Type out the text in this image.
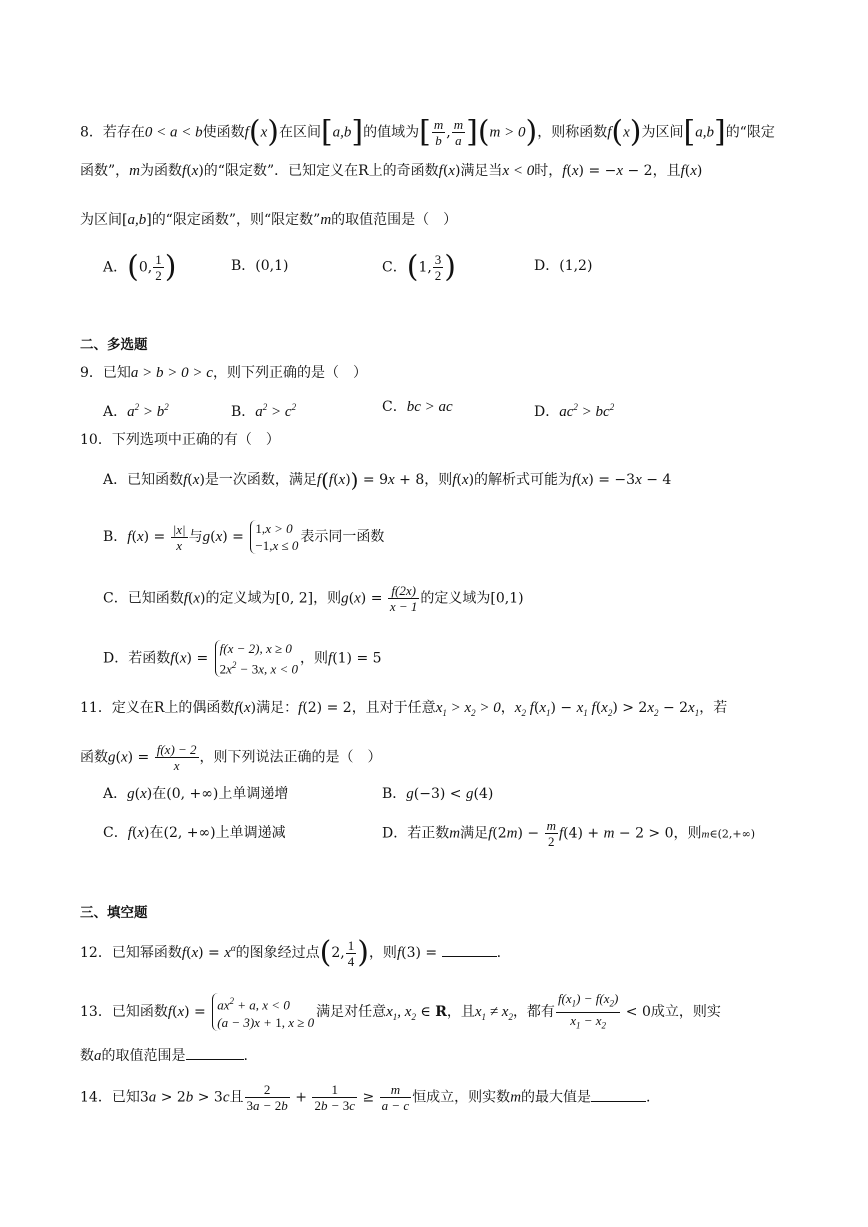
8．若存在0 < a < b使函数f(x)在区间[a,b]的值域为[ $\frac{m}{b}$ , $\frac{m}{a} ](m > 0)$，则称函数f(x)为区间[a,b]的“限定
函数”，m为函数f(x)的“限定数”．已知定义在R上的奇函数f(x)满足当x < 0时，f(x) = −x − 2，且f(x)
为区间[a,b]的“限定函数”，则“限定数”m的取值范围是（　）
A．(0, $\frac{1}{2}$ )	B．(0,1)	C．(1, $\frac{3}{2}$ )	D．(1,2)
二、多选题
9．已知a > b > 0 > c，则下列正确的是（　）
A．$a^2 > b^2$	B．$a^2 > c^2$	C．bc > ac	D．$ac^2 > bc^2$
10．下列选项中正确的有（　）
A．已知函数f(x)是一次函数，满足f(f(x)) = 9x + 8，则f(x)的解析式可能为f(x) = −3x − 4
B．$f(x) = \frac{|x|}{x}$ 与g(x) = 1,x > 0
−1,x ≤ 0表示同一函数
C．已知函数f(x)的定义域为[0, 2]，则$g(x) = \frac{f(2x)}{x - 1}$ 的定义域为[0,1)
D．若函数f(x) = f(x − 2), x ≥ 0
$2x^2 - 3x$, x < 0，则f(1) = 5
11．定义在R上的偶函数f(x)满足：f(2) = 2，且对于任意$x_1 > x_2 > 0$，$x_2$ $f(x_1) - x_1$ $f(x_2) > 2x_2 - 2x_1$，若
函数$g(x) = \frac{f(x) - 2}{x}$ ，则下列说法正确的是（　）
A．g(x)在(0, +∞)上单调递增	B．g(−3) < g(4)
C．f(x)在(2, +∞)上单调递减	D．若正数m满足$f(2m) - \frac{m}{2} f(4) + m - 2 > 0$，则m∈(2,+∞)
三、填空题
12．已知幂函数$f(x) = x^\alpha$的图象经过点(2, $\frac{1}{4}$ )，则f(3) =	.
13．已知函数$f(x) = ax^2 + a$, x < 0
(a − 3)x + 1, x ≥ 0满足对任意$x_1$, $x_2$ ∈ R，且$x_1 \ne x_2$，都有 $\frac{f(x_1) - f(x_2)}{x_1 - x_2} < 0$成立，则实
数a的取值范围是	.
14．已知3a > 2b > 3c且 $\frac{2}{3a - 2b} + \frac{1}{2b - 3c} \ge \frac{m}{a - c}$ 恒成立，则实数m的最大值是	.
